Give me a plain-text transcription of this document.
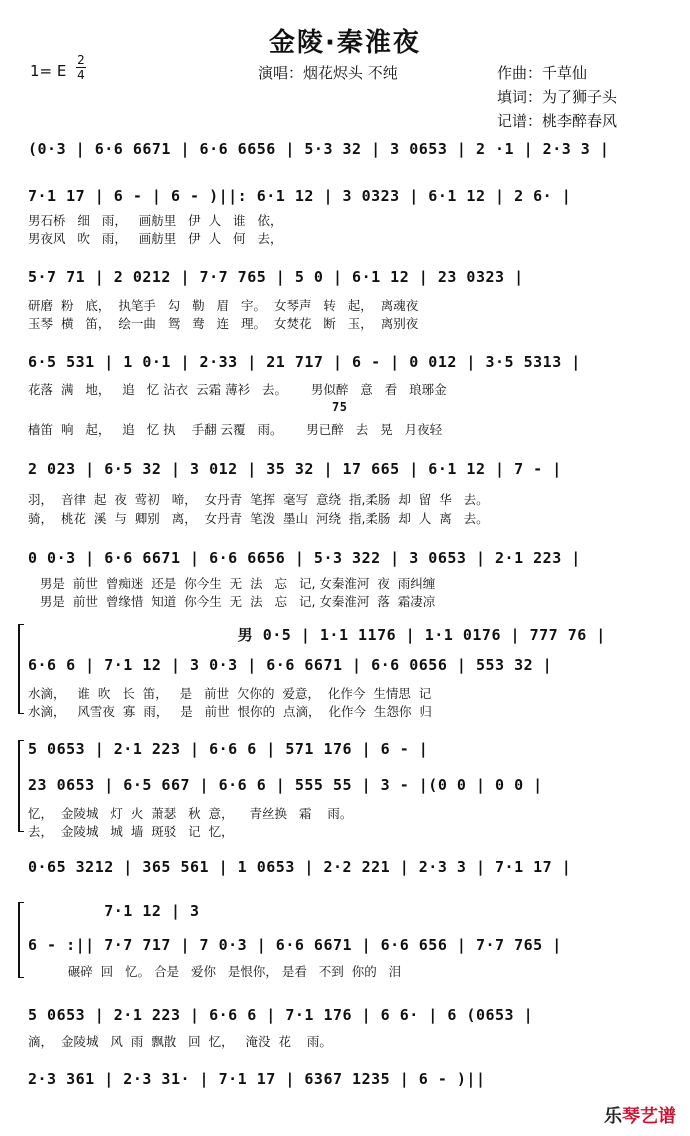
金陵·秦淮夜
1= E
2
4	演唱：烟花烬头 不纯	作曲：千草仙
填词：为了狮子头
记谱：桃李醉春风
(0·3 | 6·6 6671 | 6·6 6656 | 5·3 32 | 3 0653 | 2 ·1 | 2·3 3 |
7·1 17 | 6 - | 6 - )||: 6·1 12 | 3 0323 | 6·1 12 | 2 6· |
男石桥   细   雨，   画舫里   伊  人   谁   依，
男夜风   吹   雨，   画舫里   伊  人   何   去，
5·7 71 | 2 0212 | 7·7 765 | 5 0 | 6·1 12 | 23 0323 |
研磨  粉   底，  执笔手   勾   勒   眉   宇。  女琴声   转   起，  离魂夜
玉琴  横   笛，  绘一曲   鸳   鸯   连   理。  女焚花   断   玉，  离别夜
6·5 531 | 1 0·1 | 2·33 | 21 717 | 6 - | 0 012 | 3·5 5313 |
花落  满   地，   追   忆 沾衣  云霜 薄衫   去。      男似醉   意   看   琅琊金
75
樯笛  响   起，   追   忆 执    手翻 云覆   雨。      男已醉   去   晃   月夜轻
2 023 | 6·5 32 | 3 012 | 35 32 | 17 665 | 6·1 12 | 7 - |
羽，  音律  起  夜  莺初   啼，  女丹青  笔挥  毫写  意绕  指,柔肠  却  留  华   去。
骑，  桃花  溪  与  卿别   离，  女丹青  笔泼  墨山  河绕  指,柔肠  却  人  离   去。
0 0·3 | 6·6 6671 | 6·6 6656 | 5·3 322 | 3 0653 | 2·1 223 |
男是  前世  曾痴迷  还是  你今生  无  法   忘   记, 女秦淮河  夜  雨纠缠
男是  前世  曾缘惜  知道  你今生  无  法   忘   记, 女秦淮河  落  霜凄凉
男 0·5 | 1·1 1176 | 1·1 0176 | 777 76 |
6·6 6 | 7·1 12 | 3 0·3 | 6·6 6671 | 6·6 0656 | 553 32 |
水滴，   谁  吹   长  笛，   是   前世  欠你的  爱意，  化作今  生情思  记
水滴，   风雪夜  寡  雨，   是   前世  恨你的  点滴，  化作今  生怨你  归
5 0653 | 2·1 223 | 6·6 6 | 571 176 | 6 - |
23 0653 | 6·5 667 | 6·6 6 | 555 55 | 3 - |(0 0 | 0 0 |
忆，  金陵城   灯  火  萧瑟   秋  意，    青丝换   霜    雨。
去，  金陵城   城  墙  斑驳   记  忆，
0·65 3212 | 365 561 | 1 0653 | 2·2 221 | 2·3 3 | 7·1 17 |
7·1 12 | 3
6 - :|| 7·7 717 | 7 0·3 | 6·6 6671 | 6·6 656 | 7·7 765 |
碾碎  回   忆。 合是   爱你   是恨你， 是看   不到  你的   泪
5 0653 | 2·1 223 | 6·6 6 | 7·1 176 | 6 6· | 6 (0653 |
滴，  金陵城   风  雨  飘散   回  忆，   淹没  花    雨。
2·3 361 | 2·3 31· | 7·1 17 | 6367 1235 | 6 - )||
乐琴艺谱
